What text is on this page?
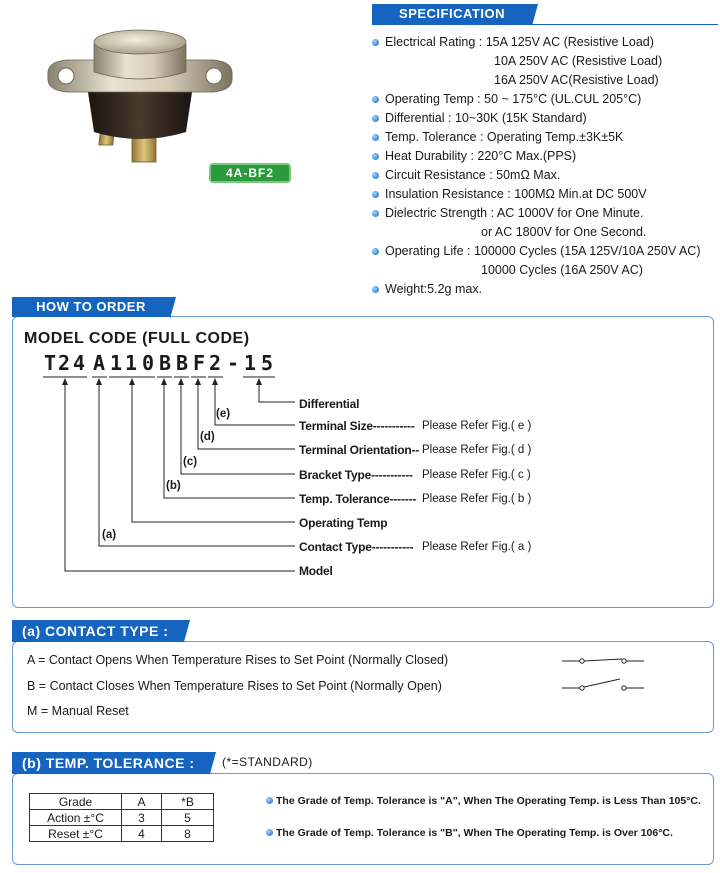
4A-BF2
SPECIFICATION
Electrical Rating : 15A 125V AC (Resistive Load)
10A 250V AC (Resistive Load)
16A 250V AC(Resistive Load)
Operating Temp : 50 ~ 175°C (UL.CUL 205°C)
Differential : 10~30K (15K Standard)
Temp. Tolerance : Operating Temp.±3K±5K
Heat Durability : 220°C Max.(PPS)
Circuit Resistance : 50mΩ Max.
Insulation Resistance : 100MΩ Min.at DC 500V
Dielectric Strength : AC 1000V for One Minute.
or AC 1800V for One Second.
Operating Life : 100000 Cycles (15A 125V/10A 250V AC)
10000 Cycles (16A 250V AC)
Weight:5.2g max.
HOW TO ORDER
MODEL CODE (FULL CODE)
T 2 4 A 1 1 0 B B F 2 - 1 5
(e)
(d)
(c)
(b)
(a)
Differential
Terminal Size----------- Please Refer Fig.( e )
Terminal Orientation-- Please Refer Fig.( d )
Bracket Type----------- Please Refer Fig.( c )
Temp. Tolerance------- Please Refer Fig.( b )
Operating Temp
Contact Type----------- Please Refer Fig.( a )
Model
(a) CONTACT TYPE :
A = Contact Opens When Temperature Rises to Set Point (Normally Closed)
B = Contact Closes When Temperature Rises to Set Point (Normally Open)
M = Manual Reset
(b) TEMP. TOLERANCE :	(*=STANDARD)
Grade	A	*B
Action ±°C	3	5
Reset ±°C	4	8
The Grade of Temp. Tolerance is "A", When The Operating Temp. is Less Than 105°C.
The Grade of Temp. Tolerance is "B", When The Operating Temp. is Over 106°C.
